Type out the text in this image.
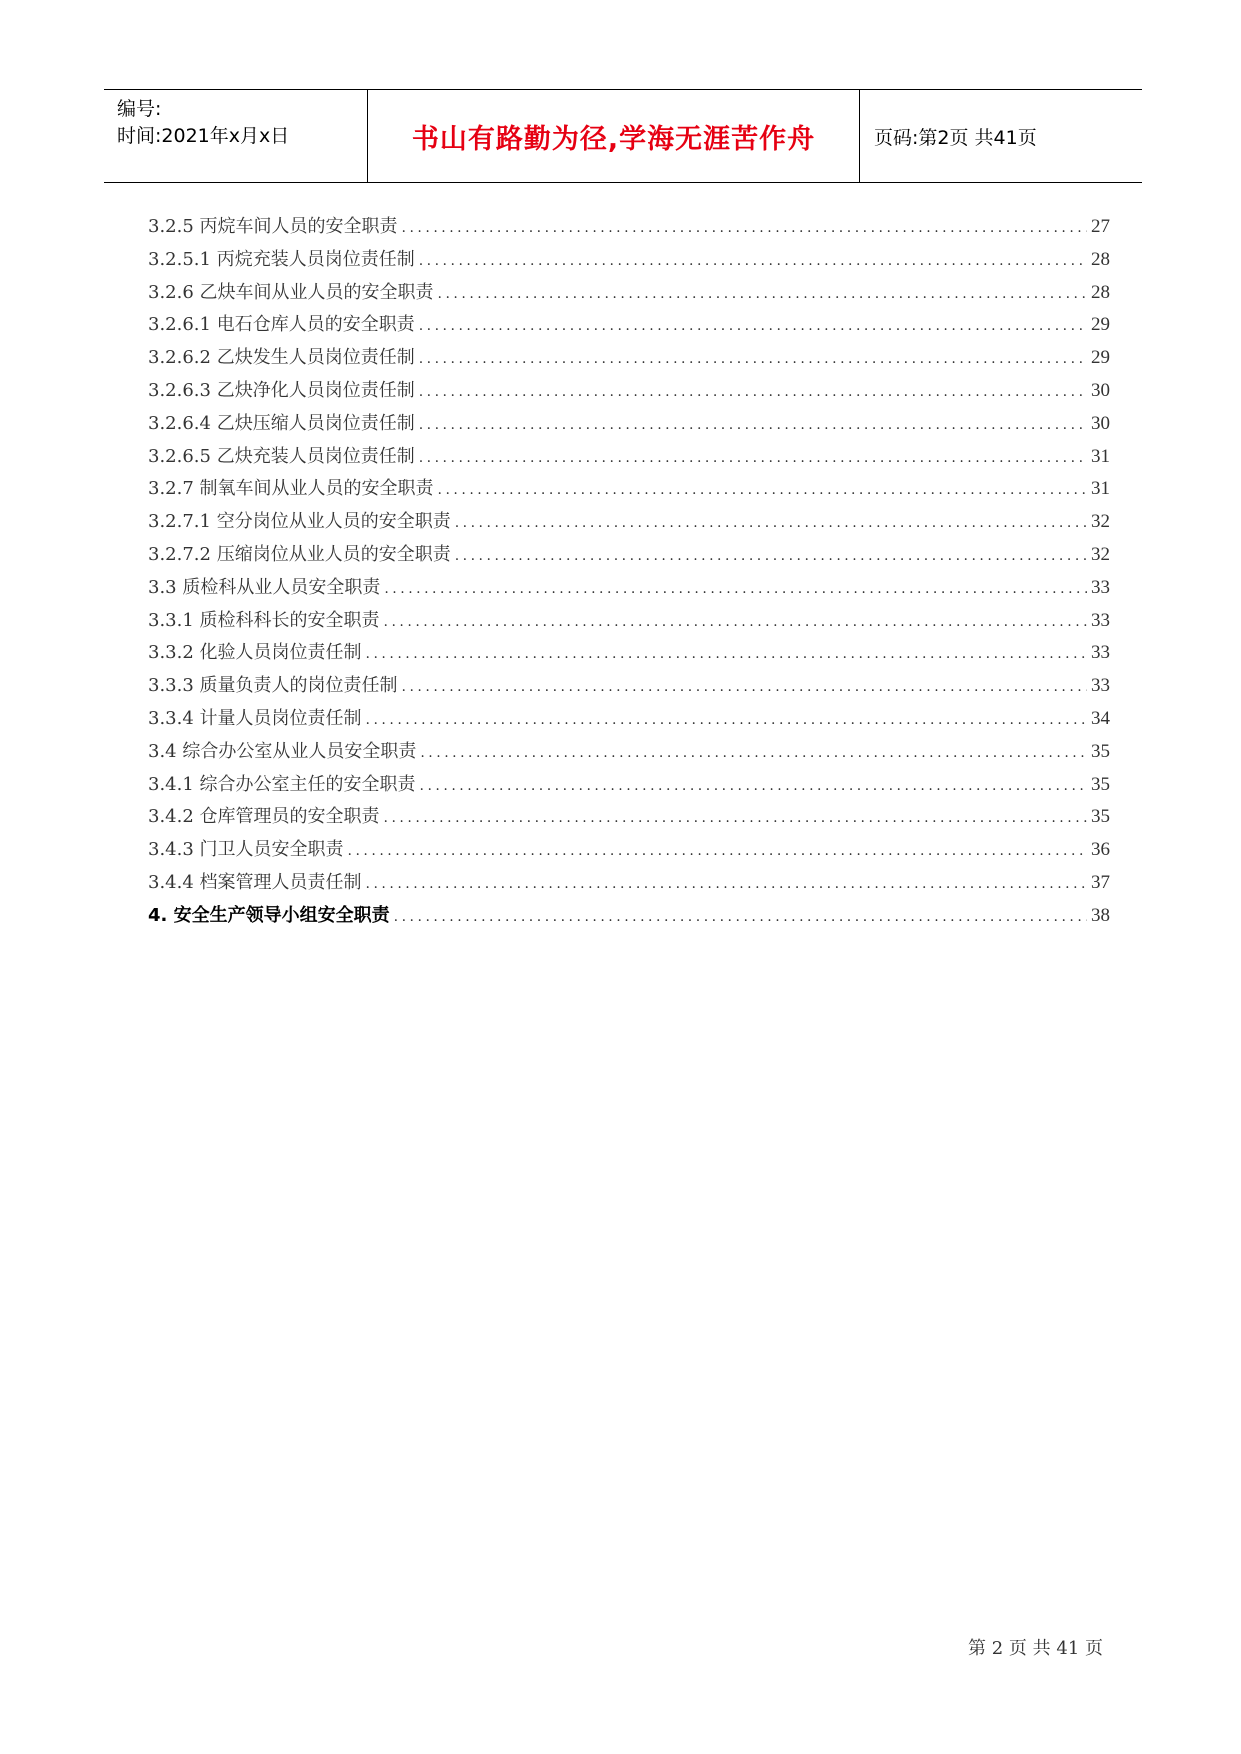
编号:
时间:2021年x月x日	书山有路勤为径,学海无涯苦作舟	页码:第2页 共41页
3.2.5 丙烷车间人员的安全职责 .....	27
3.2.5.1 丙烷充装人员岗位责任制 .....	28
3.2.6 乙炔车间从业人员的安全职责 .....	28
3.2.6.1 电石仓库人员的安全职责 .....	29
3.2.6.2 乙炔发生人员岗位责任制 .....	29
3.2.6.3 乙炔净化人员岗位责任制 .....	30
3.2.6.4 乙炔压缩人员岗位责任制 .....	30
3.2.6.5 乙炔充装人员岗位责任制 .....	31
3.2.7 制氧车间从业人员的安全职责 .....	31
3.2.7.1 空分岗位从业人员的安全职责 .....	32
3.2.7.2 压缩岗位从业人员的安全职责 .....	32
3.3 质检科从业人员安全职责 .....	33
3.3.1 质检科科长的安全职责 .....	33
3.3.2 化验人员岗位责任制 .....	33
3.3.3 质量负责人的岗位责任制 .....	33
3.3.4 计量人员岗位责任制 .....	34
3.4 综合办公室从业人员安全职责 .....	35
3.4.1 综合办公室主任的安全职责 .....	35
3.4.2 仓库管理员的安全职责 .....	35
3.4.3 门卫人员安全职责 .....	36
3.4.4 档案管理人员责任制 .....	37
4. 安全生产领导小组安全职责 .....	38
第 2 页 共 41 页
